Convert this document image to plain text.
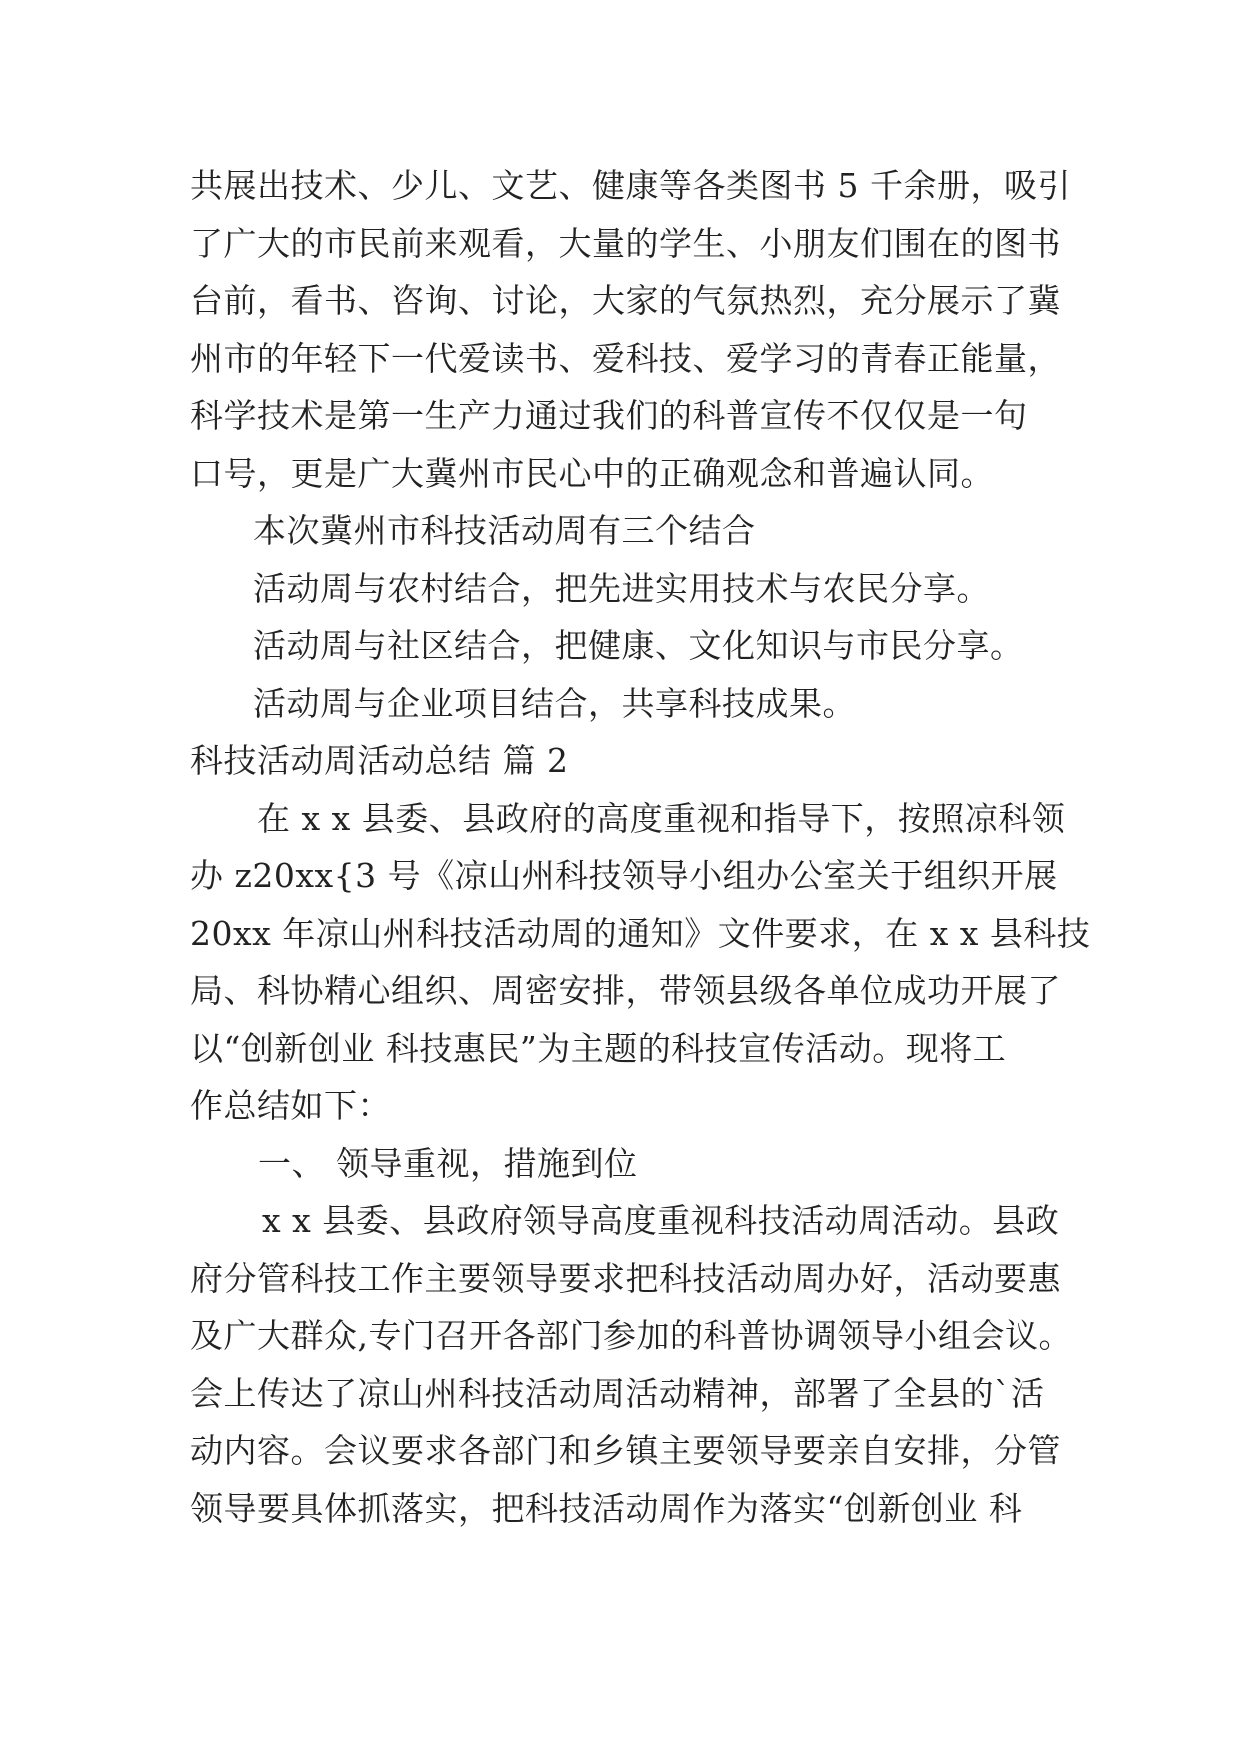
共展出技术、少儿、文艺、健康等各类图书 5 千余册，吸引
了广大的市民前来观看，大量的学生、小朋友们围在的图书
台前，看书、咨询、讨论，大家的气氛热烈，充分展示了冀
州市的年轻下一代爱读书、爱科技、爱学习的青春正能量，
科学技术是第一生产力通过我们的科普宣传不仅仅是一句
口号，更是广大冀州市民心中的正确观念和普遍认同。
本次冀州市科技活动周有三个结合
活动周与农村结合，把先进实用技术与农民分享。
活动周与社区结合，把健康、文化知识与市民分享。
活动周与企业项目结合，共享科技成果。
科技活动周活动总结 篇 2
在 x x 县委、县政府的高度重视和指导下，按照凉科领
办 z20xx{3 号《凉山州科技领导小组办公室关于组织开展
20xx 年凉山州科技活动周的通知》文件要求，在 x x 县科技
局、科协精心组织、周密安排，带领县级各单位成功开展了
以“创新创业 科技惠民”为主题的科技宣传活动。现将工
作总结如下：
一、 领导重视，措施到位
x x 县委、县政府领导高度重视科技活动周活动。县政
府分管科技工作主要领导要求把科技活动周办好，活动要惠
及广大群众,专门召开各部门参加的科普协调领导小组会议。
会上传达了凉山州科技活动周活动精神，部署了全县的`活
动内容。会议要求各部门和乡镇主要领导要亲自安排，分管
领导要具体抓落实，把科技活动周作为落实“创新创业 科
